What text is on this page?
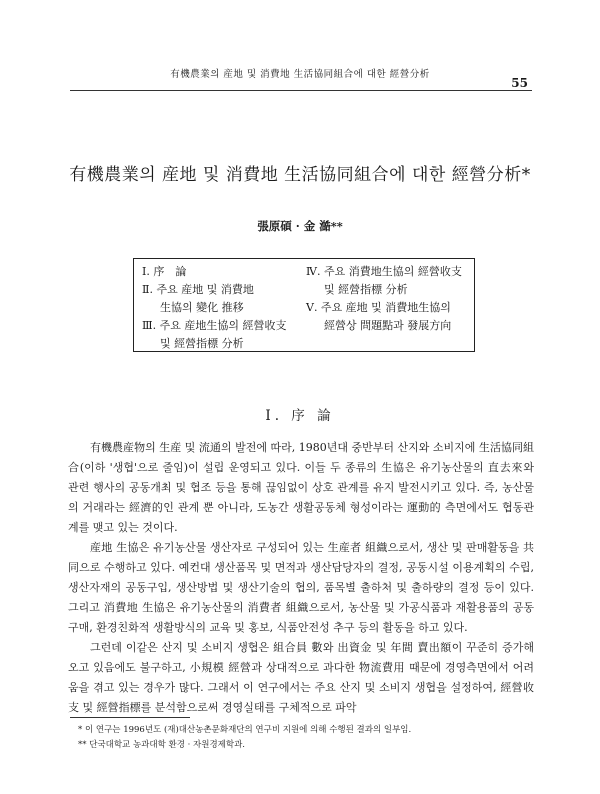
有機農業의 産地 및 消費地 生活協同組合에 대한 經營分析
55
有機農業의 産地 및 消費地 生活協同組合에 대한 經營分析*
張原碩 · 金 澔**
Ⅰ. 序　論
Ⅱ. 주요 産地 및 消費地
生協의 變化 推移
Ⅲ. 주요 産地生協의 經營收支
및 經營指標 分析
Ⅳ. 주요 消費地生協의 經營收支
및 經營指標 分析
Ⅴ. 주요 産地 및 消費地生協의
經營상 問題點과 發展方向
Ⅰ. 序 論

有機農産物의 生産 및 流通의 발전에 따라, 1980년대 중반부터 산지와 소비지에 生活協同組合(이하 '생협'으로 줄임)이 설립 운영되고 있다. 이들 두 종류의 生協은 유기농산물의 直去來와 관련 행사의 공동개최 및 협조 등을 통해 끊임없이 상호 관계를 유지 발전시키고 있다. 즉, 농산물의 거래라는 經濟的인 관계 뿐 아니라, 도농간 생활공동체 형성이라는 運動的 측면에서도 협동관계를 맺고 있는 것이다.

産地 生協은 유기농산물 생산자로 구성되어 있는 生産者 組織으로서, 생산 및 판매활동을 共同으로 수행하고 있다. 예컨대 생산품목 및 면적과 생산담당자의 결정, 공동시설 이용계획의 수립, 생산자재의 공동구입, 생산방법 및 생산기술의 협의, 품목별 출하처 및 출하량의 결정 등이 있다. 그리고 消費地 生協은 유기농산물의 消費者 組織으로서, 농산물 및 가공식품과 재활용품의 공동구매, 환경친화적 생활방식의 교육 및 홍보, 식품안전성 추구 등의 활동을 하고 있다.

그런데 이같은 산지 및 소비지 생협은 組合員 數와 出資金 및 年間 賣出額이 꾸준히 증가해 오고 있음에도 불구하고, 小規模 經營과 상대적으로 과다한 物流費用 때문에 경영측면에서 어려움을 겪고 있는 경우가 많다. 그래서 이 연구에서는 주요 산지 및 소비지 생협을 설정하여, 經營收支 및 經營指標를 분석함으로써 경영실태를 구체적으로 파악

* 이 연구는 1996년도 (재)대산농촌문화재단의 연구비 지원에 의해 수행된 결과의 일부임.
** 단국대학교 농과대학 환경 · 자원경제학과.
